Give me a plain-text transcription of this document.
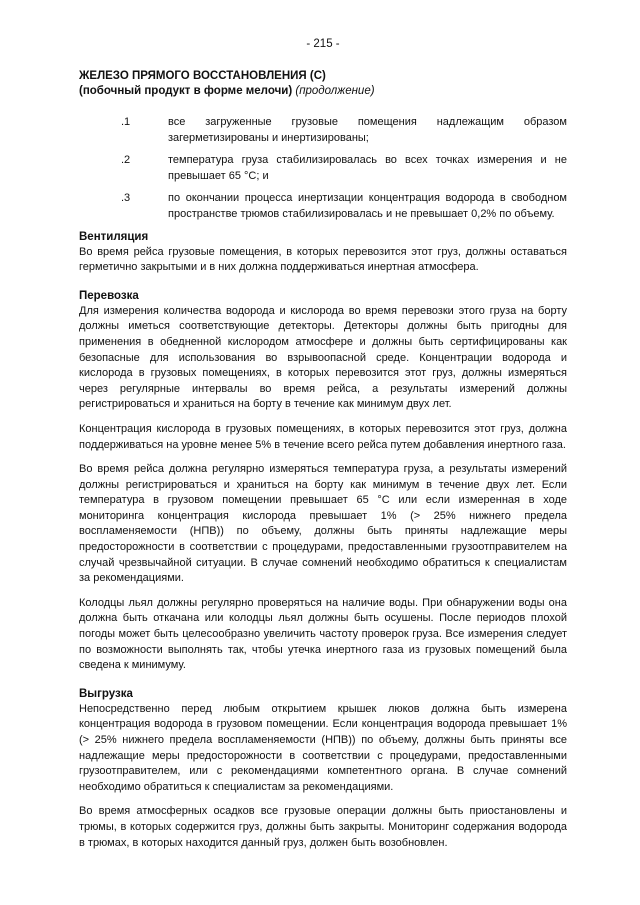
- 215 -
ЖЕЛЕЗО ПРЯМОГО ВОССТАНОВЛЕНИЯ (С)
(побочный продукт в форме мелочи) (продолжение)
.1	все загруженные грузовые помещения надлежащим образом загерметизированы и инертизированы;
.2	температура груза стабилизировалась во всех точках измерения и не превышает 65 °С; и
.3	по окончании процесса инертизации концентрация водорода в свободном пространстве трюмов стабилизировалась и не превышает 0,2% по объему.
Вентиляция

Во время рейса грузовые помещения, в которых перевозится этот груз, должны оставаться герметично закрытыми и в них должна поддерживаться инертная атмосфера.

Перевозка

Для измерения количества водорода и кислорода во время перевозки этого груза на борту должны иметься соответствующие детекторы. Детекторы должны быть пригодны для применения в обедненной кислородом атмосфере и должны быть сертифицированы как безопасные для использования во взрывоопасной среде. Концентрации водорода и кислорода в грузовых помещениях, в которых перевозится этот груз, должны измеряться через регулярные интервалы во время рейса, а результаты измерений должны регистрироваться и храниться на борту в течение как минимум двух лет.

Концентрация кислорода в грузовых помещениях, в которых перевозится этот груз, должна поддерживаться на уровне менее 5% в течение всего рейса путем добавления инертного газа.

Во время рейса должна регулярно измеряться температура груза, а результаты измерений должны регистрироваться и храниться на борту как минимум в течение двух лет. Если температура в грузовом помещении превышает 65 °С или если измеренная в ходе мониторинга концентрация кислорода превышает 1% (> 25% нижнего предела воспламеняемости (НПВ)) по объему, должны быть приняты надлежащие меры предосторожности в соответствии с процедурами, предоставленными грузоотправителем на случай чрезвычайной ситуации. В случае сомнений необходимо обратиться к специалистам за рекомендациями.

Колодцы льял должны регулярно проверяться на наличие воды. При обнаружении воды она должна быть откачана или колодцы льял должны быть осушены. После периодов плохой погоды может быть целесообразно увеличить частоту проверок груза. Все измерения следует по возможности выполнять так, чтобы утечка инертного газа из грузовых помещений была сведена к минимуму.

Выгрузка

Непосредственно перед любым открытием крышек люков должна быть измерена концентрация водорода в грузовом помещении. Если концентрация водорода превышает 1% (> 25% нижнего предела воспламеняемости (НПВ)) по объему, должны быть приняты все надлежащие меры предосторожности в соответствии с процедурами, предоставленными грузоотправителем, или с рекомендациями компетентного органа. В случае сомнений необходимо обратиться к специалистам за рекомендациями.

Во время атмосферных осадков все грузовые операции должны быть приостановлены и трюмы, в которых содержится груз, должны быть закрыты. Мониторинг содержания водорода в трюмах, в которых находится данный груз, должен быть возобновлен.
